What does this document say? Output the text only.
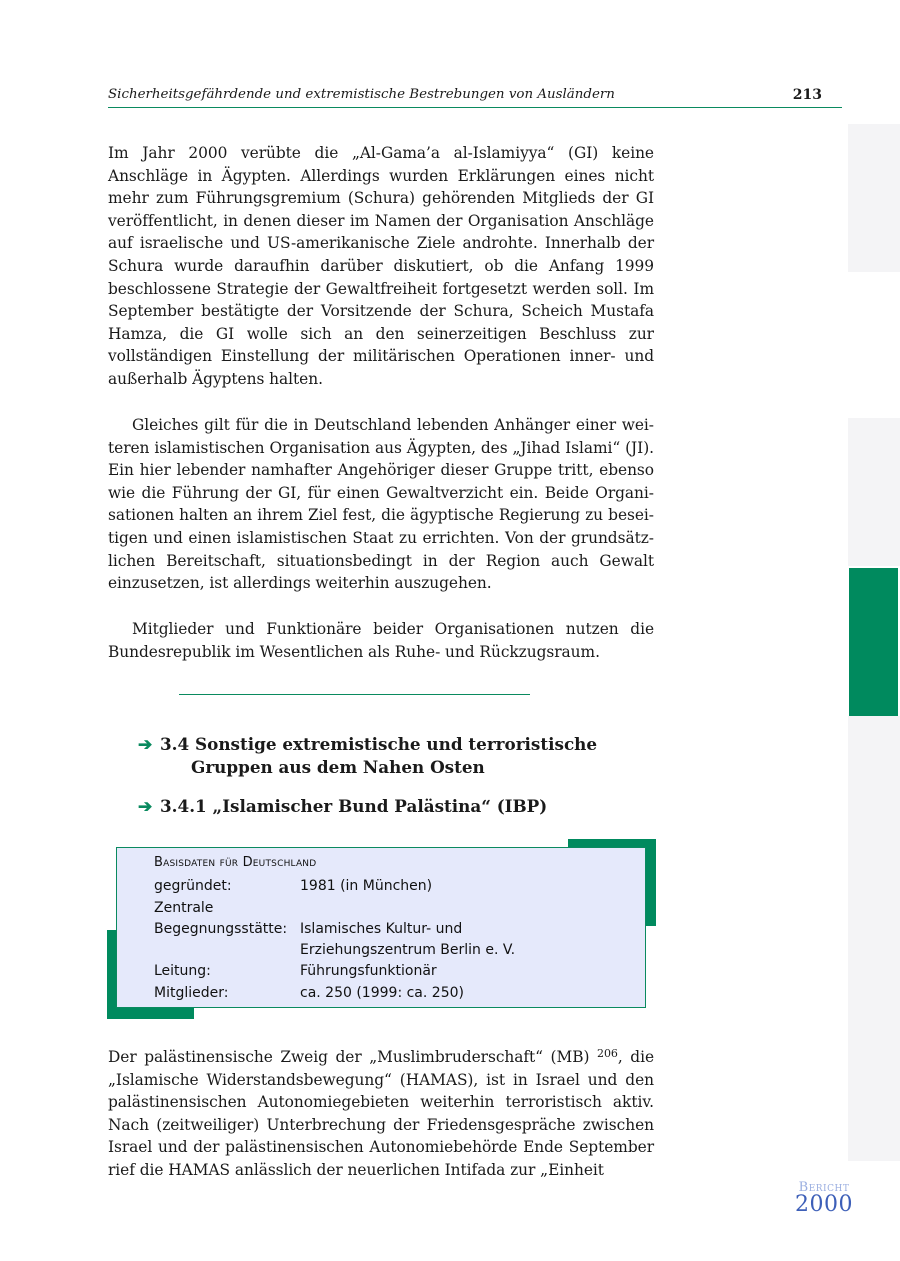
Sicherheitsgefährdende und extremistische Bestrebungen von Ausländern	213

Im Jahr 2000 verübte die „Al-Gama’a al-Islamiyya“ (GI) keine Anschläge in Ägypten. Allerdings wurden Erklärungen eines nicht mehr zum Führungsgremium (Schura) gehörenden Mitglieds der GI veröffentlicht, in denen dieser im Namen der Organisation Anschläge auf israelische und US-amerikanische Ziele androhte. Innerhalb der Schura wurde daraufhin darüber diskutiert, ob die Anfang 1999 beschlossene Strategie der Gewaltfreiheit fortgesetzt werden soll. Im September bestätigte der Vorsitzende der Schura, Scheich Mustafa Hamza, die GI wolle sich an den seinerzeitigen Beschluss zur vollständigen Einstellung der militärischen Operationen inner- und außerhalb Ägyptens halten.

Gleiches gilt für die in Deutschland lebenden Anhänger einer weiteren islamistischen Organisation aus Ägypten, des „Jihad Islami“ (JI). Ein hier lebender namhafter Angehöriger dieser Gruppe tritt, ebenso wie die Führung der GI, für einen Gewaltverzicht ein. Beide Organisationen halten an ihrem Ziel fest, die ägyptische Regierung zu beseitigen und einen islamistischen Staat zu errichten. Von der grundsätzlichen Bereitschaft, situationsbedingt in der Region auch Gewalt einzusetzen, ist allerdings weiterhin auszugehen.

Mitglieder und Funktionäre beider Organisationen nutzen die Bundesrepublik im Wesentlichen als Ruhe- und Rückzugsraum.

➔ 3.4 Sonstige extremistische und terroristische
Gruppen aus dem Nahen Osten
➔ 3.4.1 „Islamischer Bund Palästina“ (IBP)
Basisdaten für Deutschland
gegründet:	1981 (in München)
Zentrale
Begegnungsstätte: Islamisches Kultur- und
Erziehungszentrum Berlin e. V.
Leitung:	Führungsfunktionär
Mitglieder:	ca. 250 (1999: ca. 250)

Der palästinensische Zweig der „Muslimbruderschaft“ (MB) $^{206}$, die „Islamische Widerstandsbewegung“ (HAMAS), ist in Israel und den palästinensischen Autonomiegebieten weiterhin terroristisch aktiv. Nach (zeitweiliger) Unterbrechung der Friedensgespräche zwischen Israel und der palästinensischen Autonomiebehörde Ende September rief die HAMAS anlässlich der neuerlichen Intifada zur „Einheit

Bericht
2000
